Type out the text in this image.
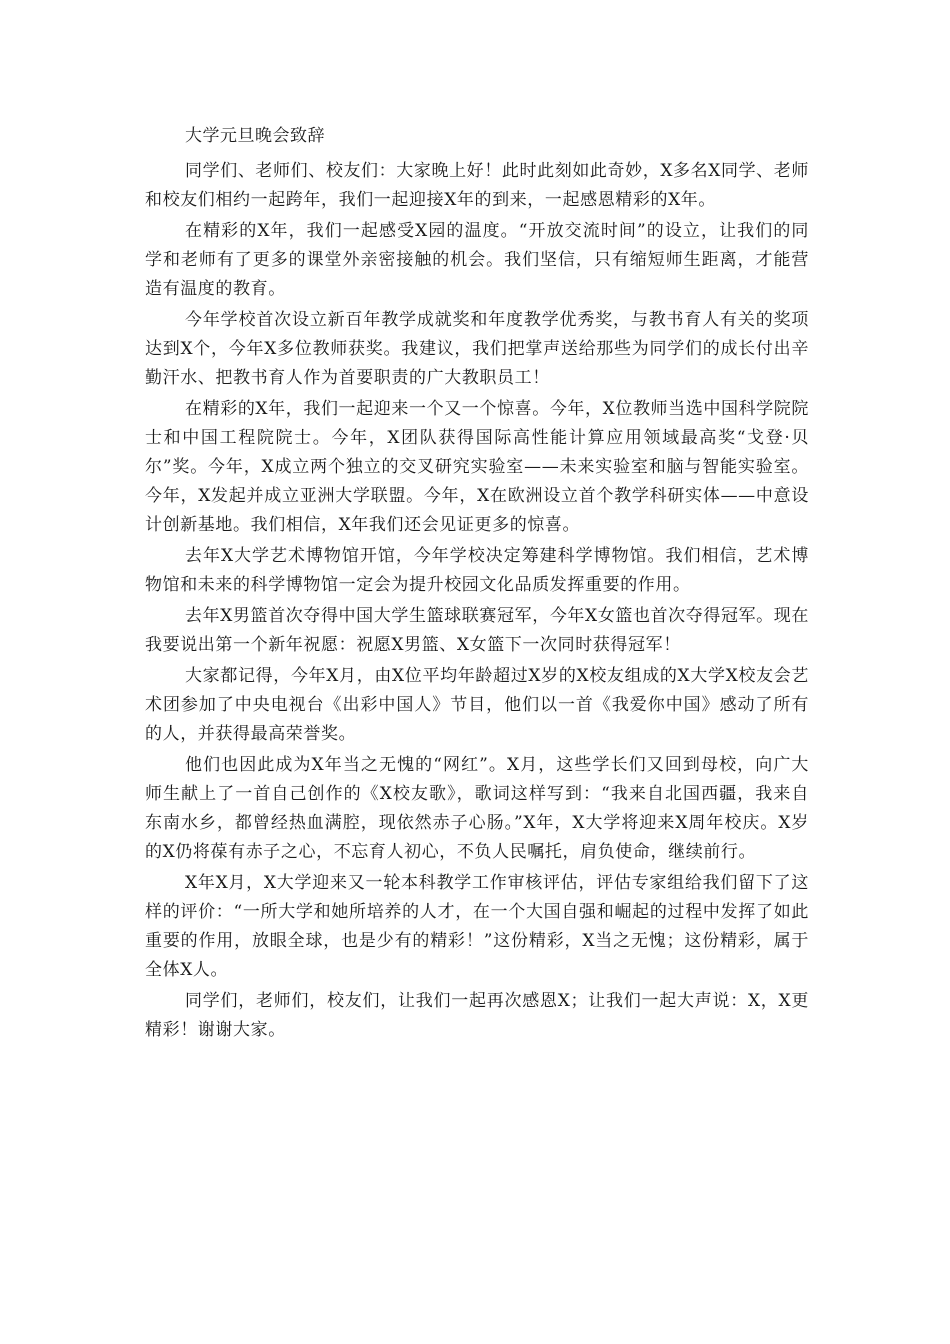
大学元旦晚会致辞

同学们、老师们、校友们：大家晚上好！此时此刻如此奇妙，X多名X同学、老师和校友们相约一起跨年，我们一起迎接X年的到来，一起感恩精彩的X年。

在精彩的X年，我们一起感受X园的温度。“开放交流时间”的设立，让我们的同学和老师有了更多的课堂外亲密接触的机会。我们坚信，只有缩短师生距离，才能营造有温度的教育。

今年学校首次设立新百年教学成就奖和年度教学优秀奖，与教书育人有关的奖项达到X个，今年X多位教师获奖。我建议，我们把掌声送给那些为同学们的成长付出辛勤汗水、把教书育人作为首要职责的广大教职员工！

在精彩的X年，我们一起迎来一个又一个惊喜。今年，X位教师当选中国科学院院士和中国工程院院士。今年，X团队获得国际高性能计算应用领域最高奖“戈登·贝尔”奖。今年，X成立两个独立的交叉研究实验室——未来实验室和脑与智能实验室。今年，X发起并成立亚洲大学联盟。今年，X在欧洲设立首个教学科研实体——中意设计创新基地。我们相信，X年我们还会见证更多的惊喜。

去年X大学艺术博物馆开馆，今年学校决定筹建科学博物馆。我们相信，艺术博物馆和未来的科学博物馆一定会为提升校园文化品质发挥重要的作用。

去年X男篮首次夺得中国大学生篮球联赛冠军，今年X女篮也首次夺得冠军。现在我要说出第一个新年祝愿：祝愿X男篮、X女篮下一次同时获得冠军！

大家都记得，今年X月，由X位平均年龄超过X岁的X校友组成的X大学X校友会艺术团参加了中央电视台《出彩中国人》节目，他们以一首《我爱你中国》感动了所有的人，并获得最高荣誉奖。

他们也因此成为X年当之无愧的“网红”。X月，这些学长们又回到母校，向广大师生献上了一首自己创作的《X校友歌》，歌词这样写到：“我来自北国西疆，我来自东南水乡，都曾经热血满腔，现依然赤子心肠。”X年，X大学将迎来X周年校庆。X岁的X仍将葆有赤子之心，不忘育人初心，不负人民嘱托，肩负使命，继续前行。

X年X月，X大学迎来又一轮本科教学工作审核评估，评估专家组给我们留下了这样的评价：“一所大学和她所培养的人才，在一个大国自强和崛起的过程中发挥了如此重要的作用，放眼全球，也是少有的精彩！”这份精彩，X当之无愧；这份精彩，属于全体X人。

同学们，老师们，校友们，让我们一起再次感恩X；让我们一起大声说：X，X更精彩！谢谢大家。
